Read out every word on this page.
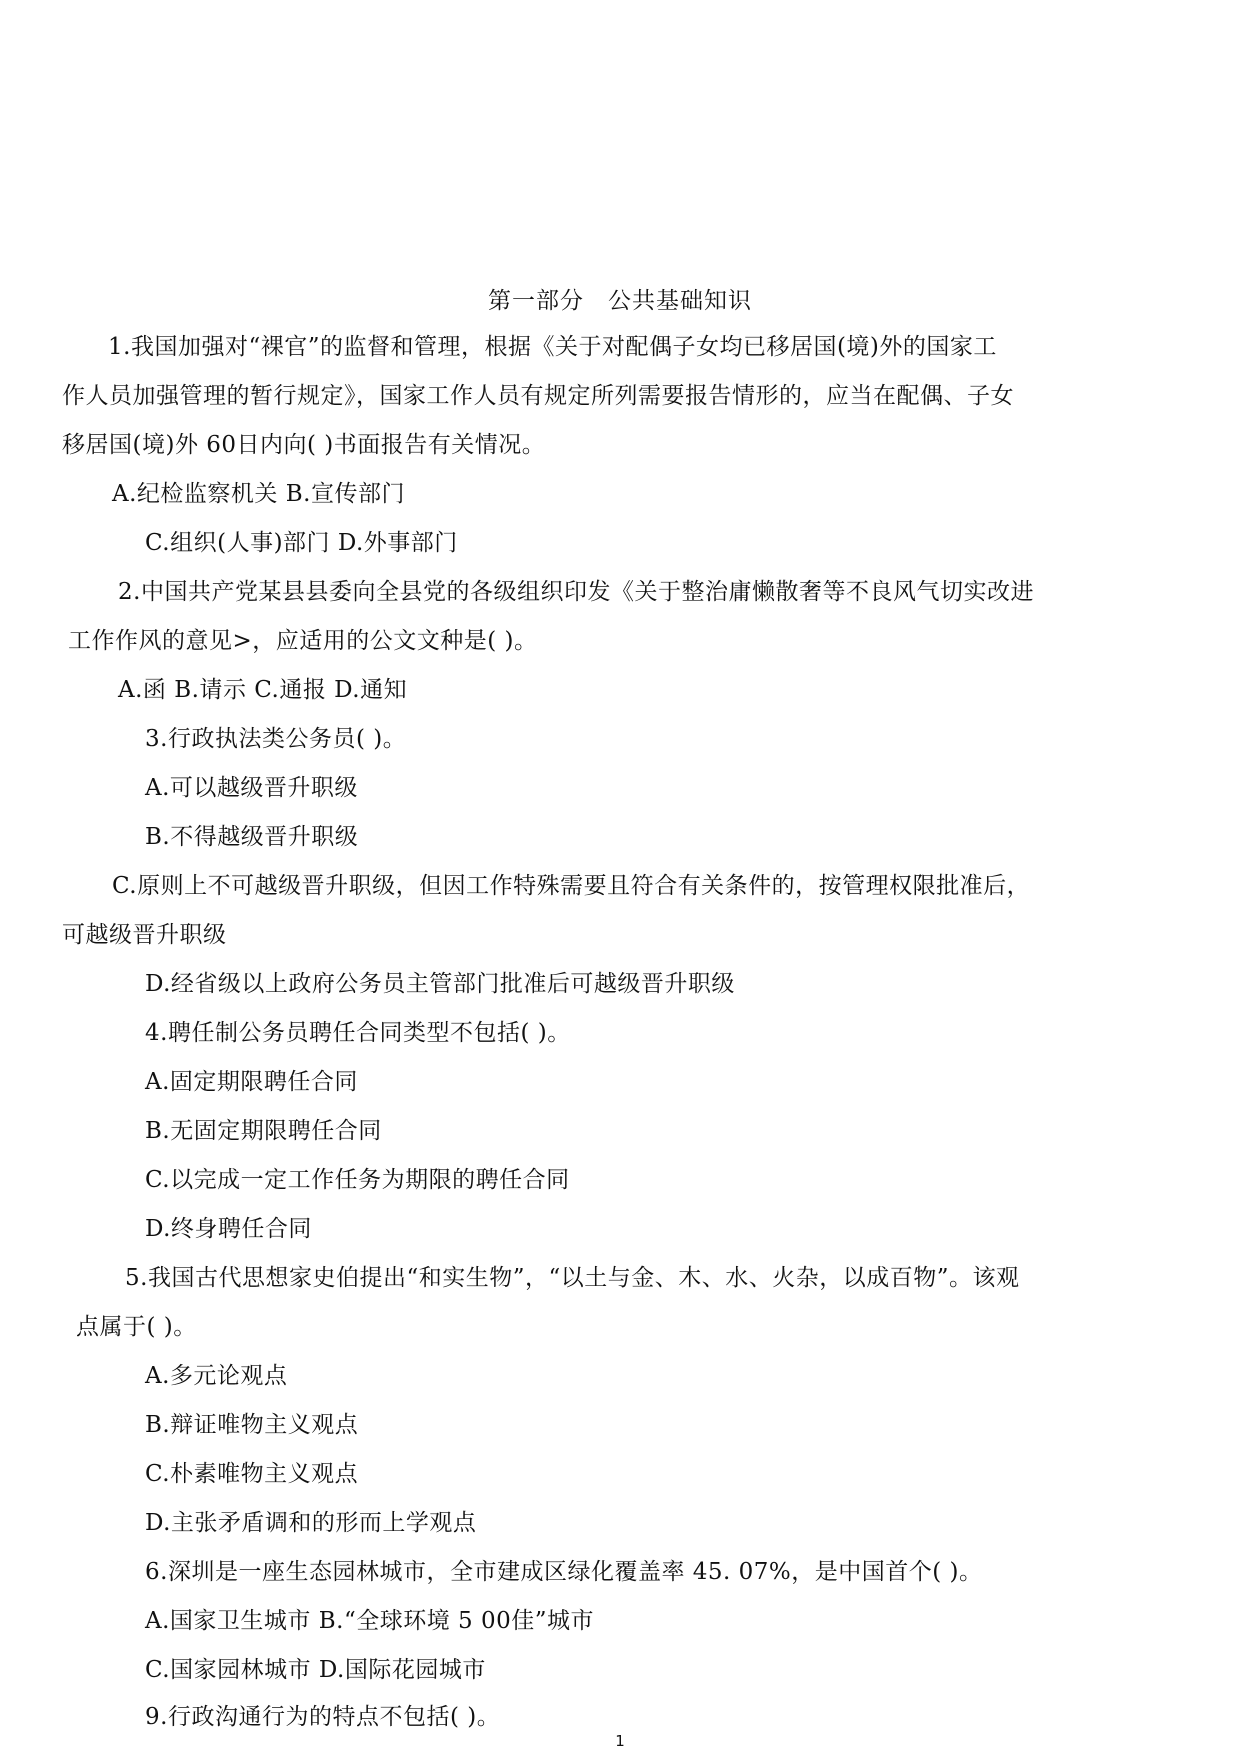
第一部分　公共基础知识
1.我国加强对“裸官”的监督和管理，根据《关于对配偶子女均已移居国(境)外的国家工
作人员加强管理的暂行规定》，国家工作人员有规定所列需要报告情形的，应当在配偶、子女
移居国(境)外 60日内向( )书面报告有关情况。
A.纪检监察机关 B.宣传部门
C.组织(人事)部门 D.外事部门
2.中国共产党某县县委向全县党的各级组织印发《关于整治庸懒散奢等不良风气切实改进
工作作风的意见>，应适用的公文文种是( )。
A.函 B.请示 C.通报 D.通知
3.行政执法类公务员( )。
A.可以越级晋升职级
B.不得越级晋升职级
C.原则上不可越级晋升职级，但因工作特殊需要且符合有关条件的，按管理权限批准后，
可越级晋升职级
D.经省级以上政府公务员主管部门批准后可越级晋升职级
4.聘任制公务员聘任合同类型不包括( )。
A.固定期限聘任合同
B.无固定期限聘任合同
C.以完成一定工作任务为期限的聘任合同
D.终身聘任合同
5.我国古代思想家史伯提出“和实生物”，“以土与金、木、水、火杂，以成百物”。该观
点属于( )。
A.多元论观点
B.辩证唯物主义观点
C.朴素唯物主义观点
D.主张矛盾调和的形而上学观点
6.深圳是一座生态园林城市，全市建成区绿化覆盖率 45. 07%，是中国首个( )。
A.国家卫生城市 B.“全球环境 5 00佳”城市
C.国家园林城市 D.国际花园城市
9.行政沟通行为的特点不包括( )。
1
